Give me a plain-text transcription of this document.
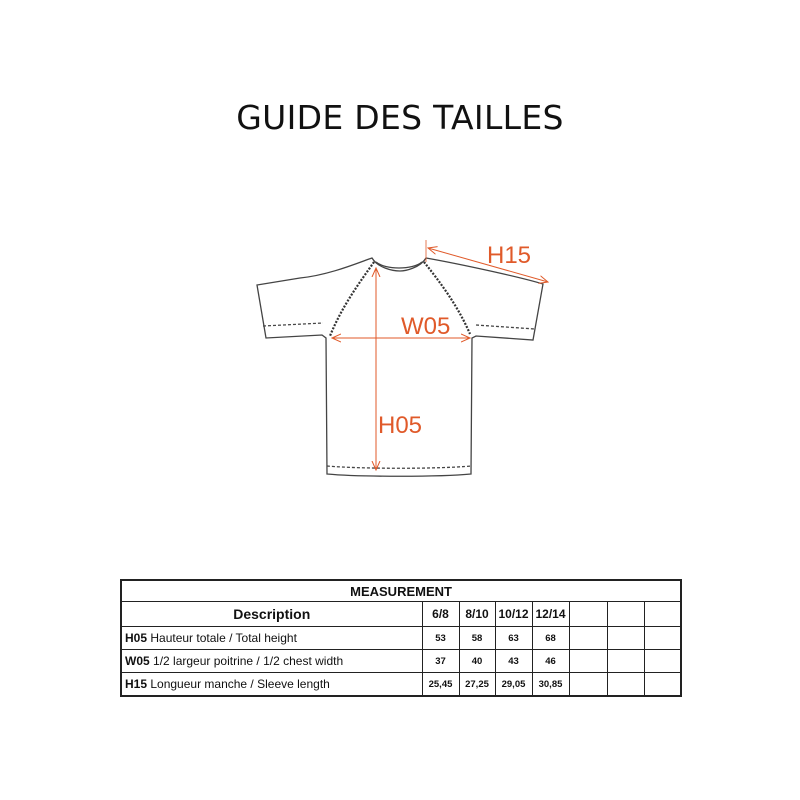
GUIDE DES TAILLES
H15
W05
H05
MEASUREMENT							
Description	6/8	8/10	10/12	12/14			
H05 Hauteur totale / Total height	53	58	63	68			
W05 1/2 largeur poitrine / 1/2 chest width	37	40	43	46			
H15 Longueur manche / Sleeve length	25,45	27,25	29,05	30,85			
